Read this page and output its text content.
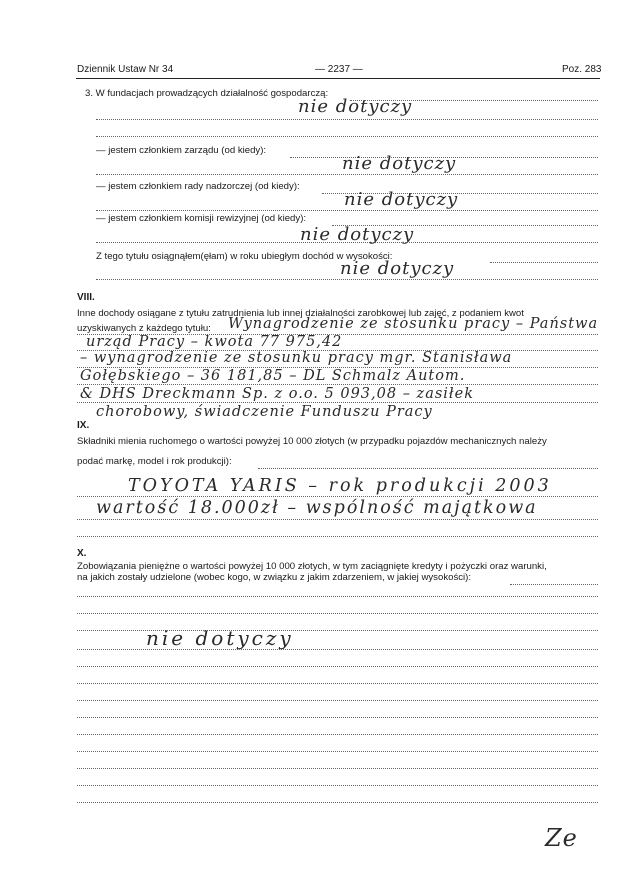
Dziennik Ustaw Nr 34	— 2237 —	Poz. 283
3. W fundacjach prowadzących działalność gospodarczą:
nie dotyczy
— jestem członkiem zarządu (od kiedy):
nie dotyczy
— jestem członkiem rady nadzorczej (od kiedy):
nie dotyczy
— jestem członkiem komisji rewizyjnej (od kiedy):
nie dotyczy
Z tego tytułu osiągnąłem(ęłam) w roku ubiegłym dochód w wysokości:
nie dotyczy
VIII.
Inne dochody osiągane z tytułu zatrudnienia lub innej działalności zarobkowej lub zajęć, z podaniem kwot
uzyskiwanych z każdego tytułu: Wynagrodzenie ze stosunku pracy – Państwa
urząd Pracy – kwota 77 975,42
– wynagrodzenie ze stosunku pracy mgr. Stanisława
Gołębskiego – 36 181,85 – DL Schmalz Autom.
& DHS Dreckmann Sp. z o.o. 5 093,08 – zasiłek
chorobowy, świadczenie Funduszu Pracy
IX.
Składniki mienia ruchomego o wartości powyżej 10 000 złotych (w przypadku pojazdów mechanicznych należy
podać markę, model i rok produkcji):
TOYOTA YARIS – rok produkcji 2003
wartość 18.000zł – wspólność majątkowa
X.
Zobowiązania pieniężne o wartości powyżej 10 000 złotych, w tym zaciągnięte kredyty i pożyczki oraz warunki,
na jakich zostały udzielone (wobec kogo, w związku z jakim zdarzeniem, w jakiej wysokości):
nie dotyczy
Ze
